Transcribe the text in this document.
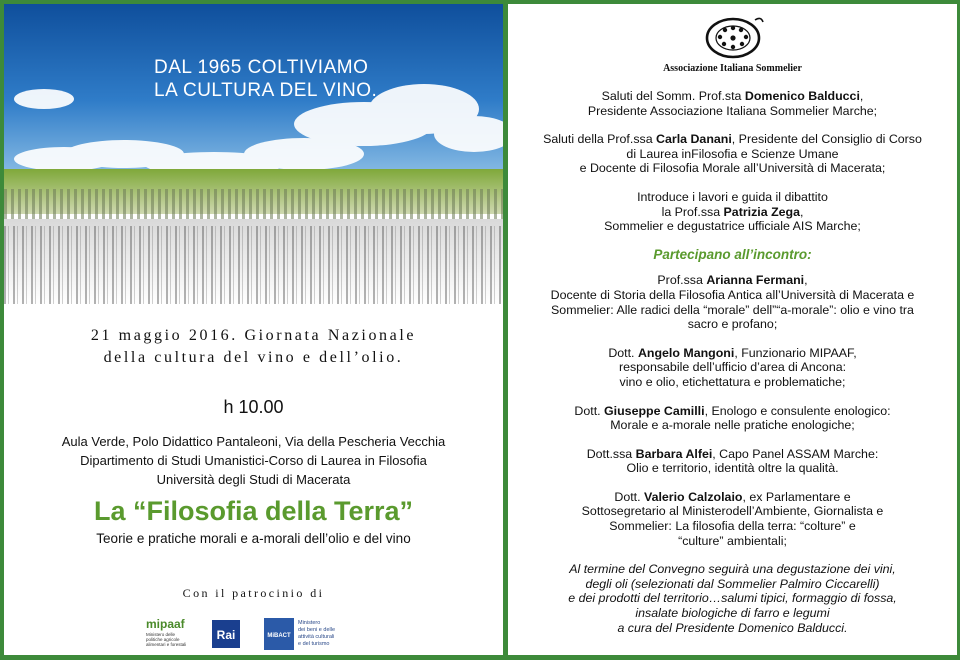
DAL 1965 COLTIVIAMO
LA CULTURA DEL VINO.
21 maggio 2016. Giornata Nazionale
della cultura del vino e dell’olio.
h 10.00
Aula Verde, Polo Didattico Pantaleoni, Via della Pescheria Vecchia
Dipartimento di Studi Umanistici-Corso di Laurea in Filosofia
Università degli Studi di Macerata
La “Filosofia della Terra”
Teorie e pratiche morali e a-morali dell’olio e del vino
Con il patrocinio di
mipaaf
Ministero delle
politiche agricole
alimentari e forestali
Rai	MiBACT
Ministero
dei beni e delle
attività culturali
e del turismo
Associazione Italiana Sommelier
Saluti del Somm. Prof.sta Domenico Balducci,
Presidente Associazione Italiana Sommelier Marche;
Saluti della Prof.ssa Carla Danani, Presidente del Consiglio di Corso
di Laurea inFilosofia e Scienze Umane
e Docente di Filosofia Morale all’Università di Macerata;
Introduce i lavori e guida il dibattito
la Prof.ssa Patrizia Zega,
Sommelier e degustatrice ufficiale AIS Marche;
Partecipano all’incontro:
Prof.ssa Arianna Fermani,
Docente di Storia della Filosofia Antica all’Università di Macerata e
Sommelier: Alle radici della “morale” dell”“a-morale”: olio e vino tra
sacro e profano;
Dott. Angelo Mangoni, Funzionario MIPAAF,
responsabile dell’ufficio d’area di Ancona:
vino e olio, etichettatura e problematiche;
Dott. Giuseppe Camilli, Enologo e consulente enologico:
Morale e a-morale nelle pratiche enologiche;
Dott.ssa Barbara Alfei, Capo Panel ASSAM Marche:
Olio e territorio, identità oltre la qualità.
Dott. Valerio Calzolaio, ex Parlamentare e
Sottosegretario al Ministerodell’Ambiente, Giornalista e
Sommelier: La filosofia della terra: “colture” e
“culture” ambientali;
Al termine del Convegno seguirà una degustazione dei vini,
degli oli (selezionati dal Sommelier Palmiro Ciccarelli)
e dei prodotti del territorio…salumi tipici, formaggio di fossa,
insalate biologiche di farro e legumi
a cura del Presidente Domenico Balducci.
